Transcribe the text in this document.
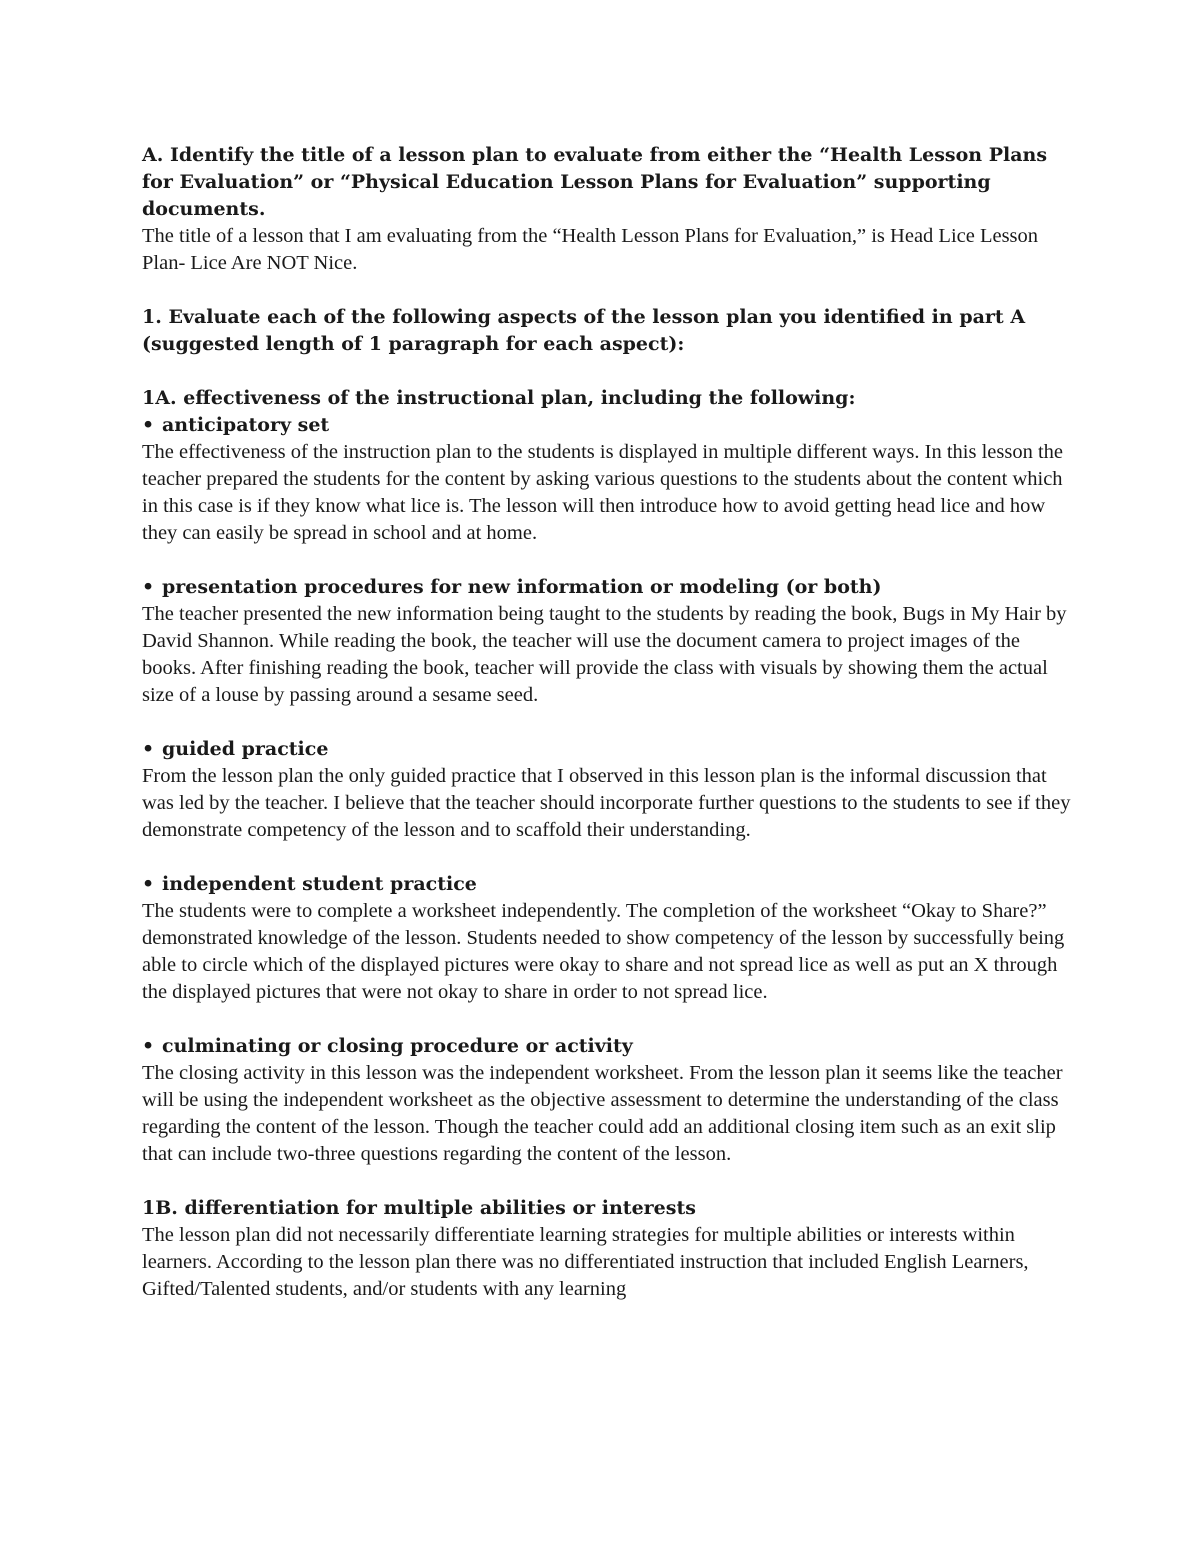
A. Identify the title of a lesson plan to evaluate from either the “Health Lesson Plans for Evaluation” or “Physical Education Lesson Plans for Evaluation” supporting documents.

The title of a lesson that I am evaluating from the “Health Lesson Plans for Evaluation,” is Head Lice Lesson Plan- Lice Are NOT Nice.

1. Evaluate each of the following aspects of the lesson plan you identified in part A (suggested length of 1 paragraph for each aspect):

1A. effectiveness of the instructional plan, including the following:

• anticipatory set

The effectiveness of the instruction plan to the students is displayed in multiple different ways. In this lesson the teacher prepared the students for the content by asking various questions to the students about the content which in this case is if they know what lice is. The lesson will then introduce how to avoid getting head lice and how they can easily be spread in school and at home.

• presentation procedures for new information or modeling (or both)

The teacher presented the new information being taught to the students by reading the book, Bugs in My Hair by David Shannon. While reading the book, the teacher will use the document camera to project images of the books. After finishing reading the book, teacher will provide the class with visuals by showing them the actual size of a louse by passing around a sesame seed.

• guided practice

From the lesson plan the only guided practice that I observed in this lesson plan is the informal discussion that was led by the teacher. I believe that the teacher should incorporate further questions to the students to see if they demonstrate competency of the lesson and to scaffold their understanding.

• independent student practice

The students were to complete a worksheet independently. The completion of the worksheet “Okay to Share?” demonstrated knowledge of the lesson. Students needed to show competency of the lesson by successfully being able to circle which of the displayed pictures were okay to share and not spread lice as well as put an X through the displayed pictures that were not okay to share in order to not spread lice.

• culminating or closing procedure or activity

The closing activity in this lesson was the independent worksheet. From the lesson plan it seems like the teacher will be using the independent worksheet as the objective assessment to determine the understanding of the class regarding the content of the lesson. Though the teacher could add an additional closing item such as an exit slip that can include two-three questions regarding the content of the lesson.

1B. differentiation for multiple abilities or interests

The lesson plan did not necessarily differentiate learning strategies for multiple abilities or interests within learners. According to the lesson plan there was no differentiated instruction that included English Learners, Gifted/Talented students, and/or students with any learning
